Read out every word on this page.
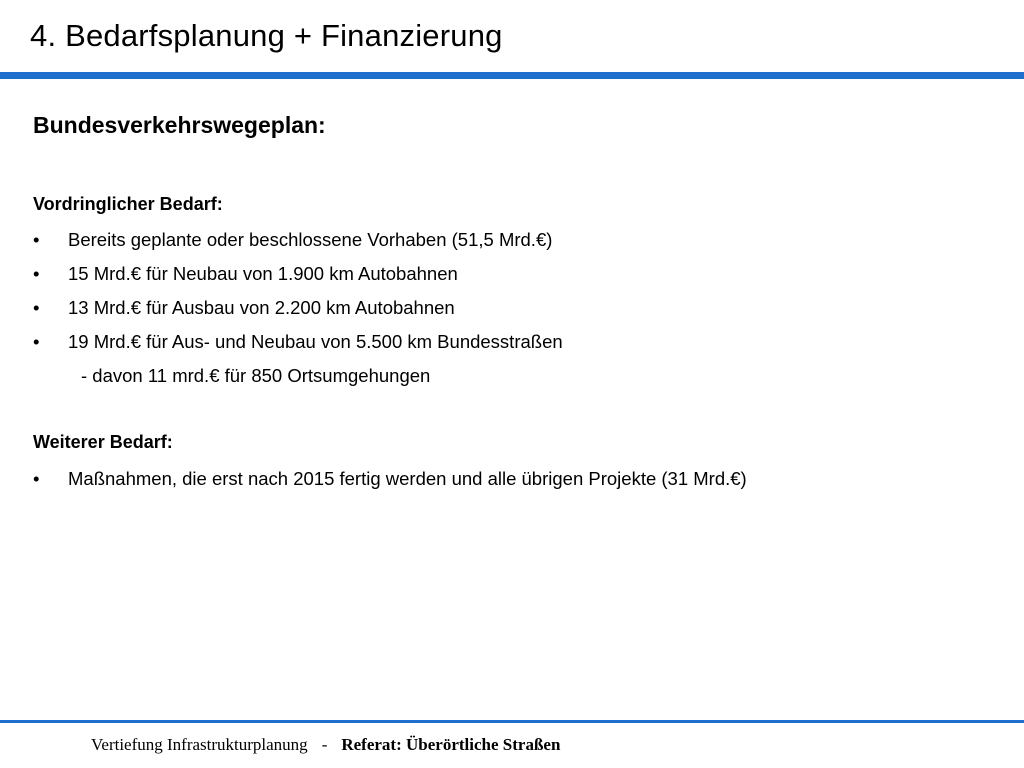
4. Bedarfsplanung + Finanzierung
Bundesverkehrswegeplan:
Vordringlicher Bedarf:
• Bereits geplante oder beschlossene Vorhaben (51,5 Mrd.€)
• 15 Mrd.€ für Neubau von 1.900 km Autobahnen
• 13 Mrd.€ für Ausbau von 2.200 km Autobahnen
• 19 Mrd.€ für Aus- und Neubau von 5.500 km Bundesstraßen
- davon 11 mrd.€ für 850 Ortsumgehungen
Weiterer Bedarf:
• Maßnahmen, die erst nach 2015 fertig werden und alle übrigen Projekte (31 Mrd.€)
Vertiefung Infrastrukturplanung - Referat: Überörtliche Straßen
